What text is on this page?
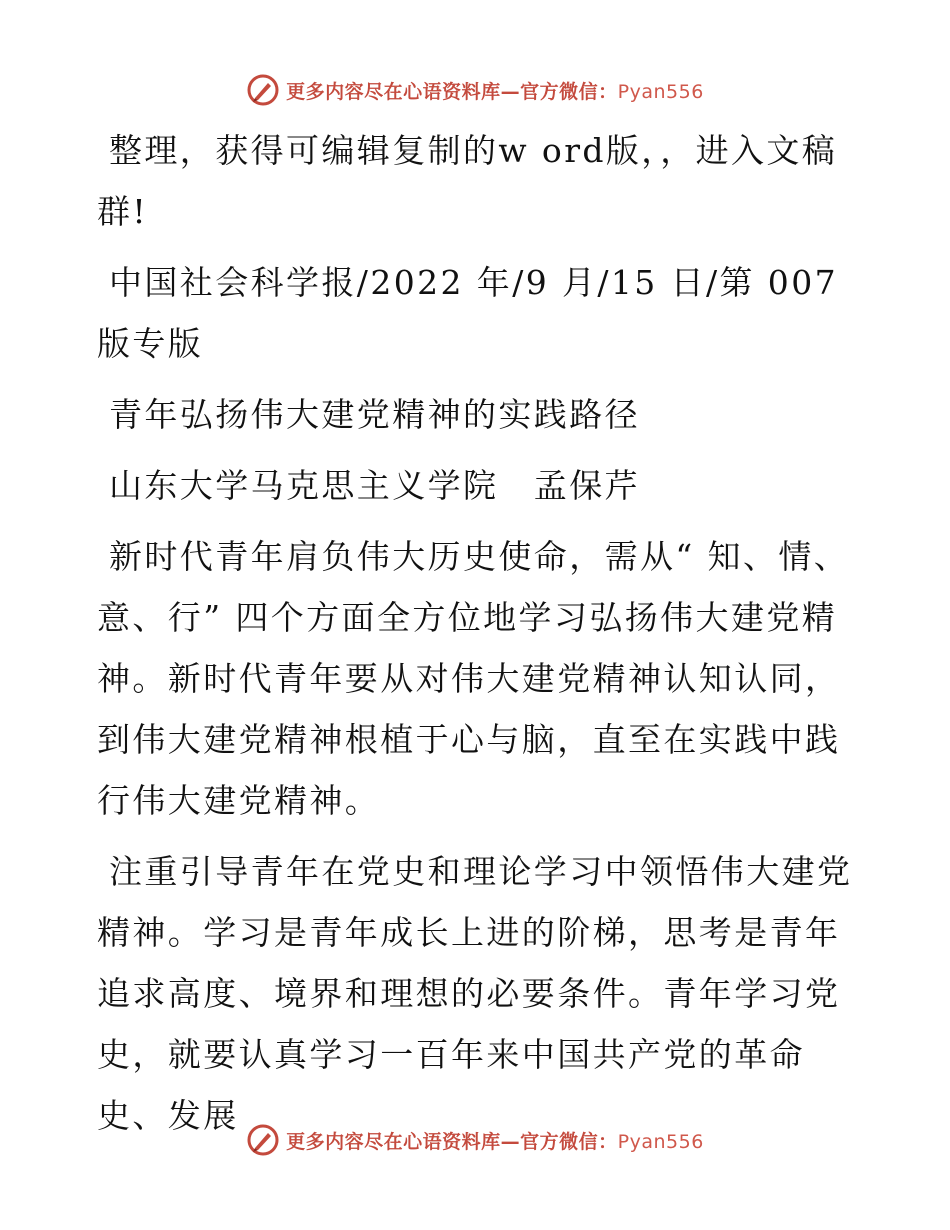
更多内容尽在心语资料库—官方微信：Pyan556

整理，获得可编辑复制的w ord版，，进入文稿群!

中国社会科学报/2022 年/9 月/15 日/第 007 版专版

青年弘扬伟大建党精神的实践路径

山东大学马克思主义学院　孟保芹

新时代青年肩负伟大历史使命，需从“ 知、情、意、行” 四个方面全方位地学习弘扬伟大建党精神。新时代青年要从对伟大建党精神认知认同，到伟大建党精神根植于心与脑，直至在实践中践行伟大建党精神。

注重引导青年在党史和理论学习中领悟伟大建党精神。学习是青年成长上进的阶梯，思考是青年追求高度、境界和理想的必要条件。青年学习党史，就要认真学习一百年来中国共产党的革命史、发展

更多内容尽在心语资料库—官方微信：Pyan556
